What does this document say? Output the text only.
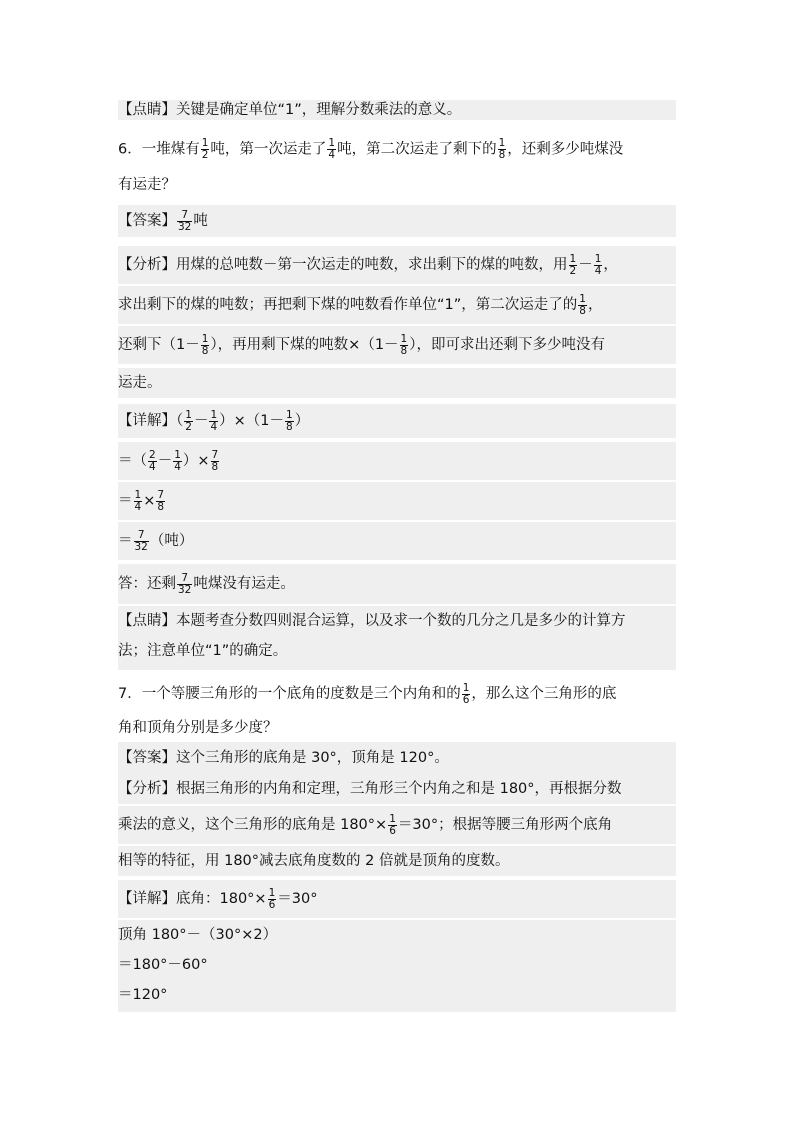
【点睛】关键是确定单位“1”，理解分数乘法的意义。
6．一堆煤有 $\frac{1}{2}$ 吨，第一次运走了 $\frac{1}{4}$ 吨，第二次运走了剩下的 $\frac{1}{8}$ ，还剩多少吨煤没
有运走？
【答案】 $\frac{7}{32}$ 吨
【分析】用煤的总吨数－第一次运走的吨数，求出剩下的煤的吨数，用 $\frac{1}{2} - \frac{1}{4}$ ，
求出剩下的煤的吨数；再把剩下煤的吨数看作单位“1”，第二次运走了的 $\frac{1}{8}$ ，
还剩下（$1- \frac{1}{8}$ ），再用剩下煤的吨数$\times(1- \frac{1}{8}$ ），即可求出还剩下多少吨没有
运走。
【详解】（ $\frac{1}{2} - \frac{1}{4} )\times(1- \frac{1}{8}$ ）
＝（ $\frac{2}{4} - \frac{1}{4}$ ）× $\frac{7}{8}$
＝ $\frac{1}{4} \times \frac{7}{8}$
＝ $\frac{7}{32}$ （吨）
答：还剩 $\frac{7}{32}$ 吨煤没有运走。
【点睛】本题考查分数四则混合运算，以及求一个数的几分之几是多少的计算方
法；注意单位“1”的确定。
7．一个等腰三角形的一个底角的度数是三个内角和的 $\frac{1}{6}$ ，那么这个三角形的底
角和顶角分别是多少度？
【答案】这个三角形的底角是 30°，顶角是 120°。
【分析】根据三角形的内角和定理，三角形三个内角之和是 180°，再根据分数
乘法的意义，这个三角形的底角是 $180^\circ\times \frac{1}{6} =30^\circ$；根据等腰三角形两个底角
相等的特征，用 180°减去底角度数的 2 倍就是顶角的度数。
【详解】底角：$180^\circ\times \frac{1}{6} =30^\circ$
顶角 180°－（30°×2）
＝180°－60°
＝120°
